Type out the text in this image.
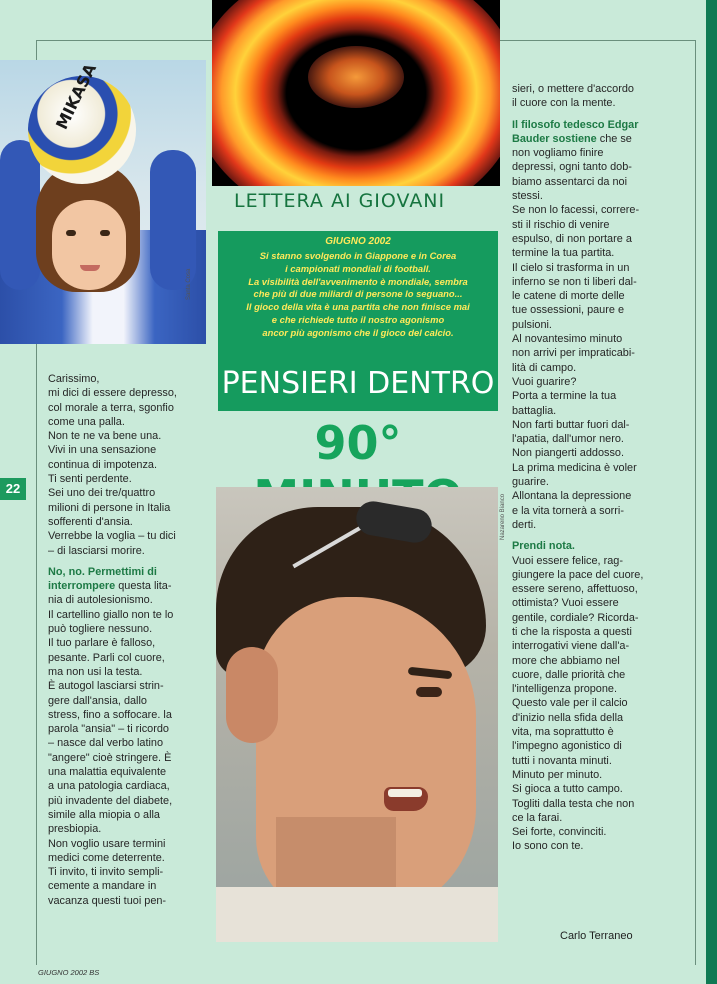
MIKASA
Santa Cosa
LETTERA AI GIOVANI
GIUGNO 2002
Si stanno svolgendo in Giappone e in Corea
i campionati mondiali di football.
La visibilità dell'avvenimento è mondiale, sembra
che più di due miliardi di persone lo seguano...
Il gioco della vita è una partita che non finisce mai
e che richiede tutto il nostro agonismo
ancor più agonismo che il gioco del calcio.
PENSIERI DENTRO
90°
Nazareno Bianco
22

Carissimo,

mi dici di essere depresso,

col morale a terra, sgonfio

come una palla.

Non te ne va bene una.

Vivi in una sensazione

continua di impotenza.

Ti senti perdente.

Sei uno dei tre/quattro

milioni di persone in Italia

sofferenti d'ansia.

Verrebbe la voglia – tu dici

– di lasciarsi morire.

No, no. Permettimi di

interrompere questa lita-

nia di autolesionismo.

Il cartellino giallo non te lo

può togliere nessuno.

Il tuo parlare è falloso,

pesante. Parli col cuore,

ma non usi la testa.

È autogol lasciarsi strin-

gere dall'ansia, dallo

stress, fino a soffocare. la

parola "ansia" – ti ricordo

– nasce dal verbo latino

"angere" cioè stringere. È

una malattia equivalente

a una patologia cardiaca,

più invadente del diabete,

simile alla miopia o alla

presbiopia.

Non voglio usare termini

medici come deterrente.

Ti invito, ti invito sempli-

cemente a mandare in

vacanza questi tuoi pen-

sieri, o mettere d'accordo

il cuore con la mente.

Il filosofo tedesco Edgar

Bauder sostiene che se

non vogliamo finire

depressi, ogni tanto dob-

biamo assentarci da noi

stessi.

Se non lo facessi, correre-

sti il rischio di venire

espulso, di non portare a

termine la tua partita.

Il cielo si trasforma in un

inferno se non ti liberi dal-

le catene di morte delle

tue ossessioni, paure e

pulsioni.

Al novantesimo minuto

non arrivi per impraticabi-

lità di campo.

Vuoi guarire?

Porta a termine la tua

battaglia.

Non farti buttar fuori dal-

l'apatia, dall'umor nero.

Non piangerti addosso.

La prima medicina è voler

guarire.

Allontana la depressione

e la vita tornerà a sorri-

derti.

Prendi nota.

Vuoi essere felice, rag-

giungere la pace del cuore,

essere sereno, affettuoso,

ottimista? Vuoi essere

gentile, cordiale? Ricorda-

ti che la risposta a questi

interrogativi viene dall'a-

more che abbiamo nel

cuore, dalle priorità che

l'intelligenza propone.

Questo vale per il calcio

d'inizio nella sfida della

vita, ma soprattutto è

l'impegno agonistico di

tutti i novanta minuti.

Minuto per minuto.

Si gioca a tutto campo.

Togliti dalla testa che non

ce la farai.

Sei forte, convinciti.

Io sono con te.

Carlo Terraneo
GIUGNO 2002 BS
